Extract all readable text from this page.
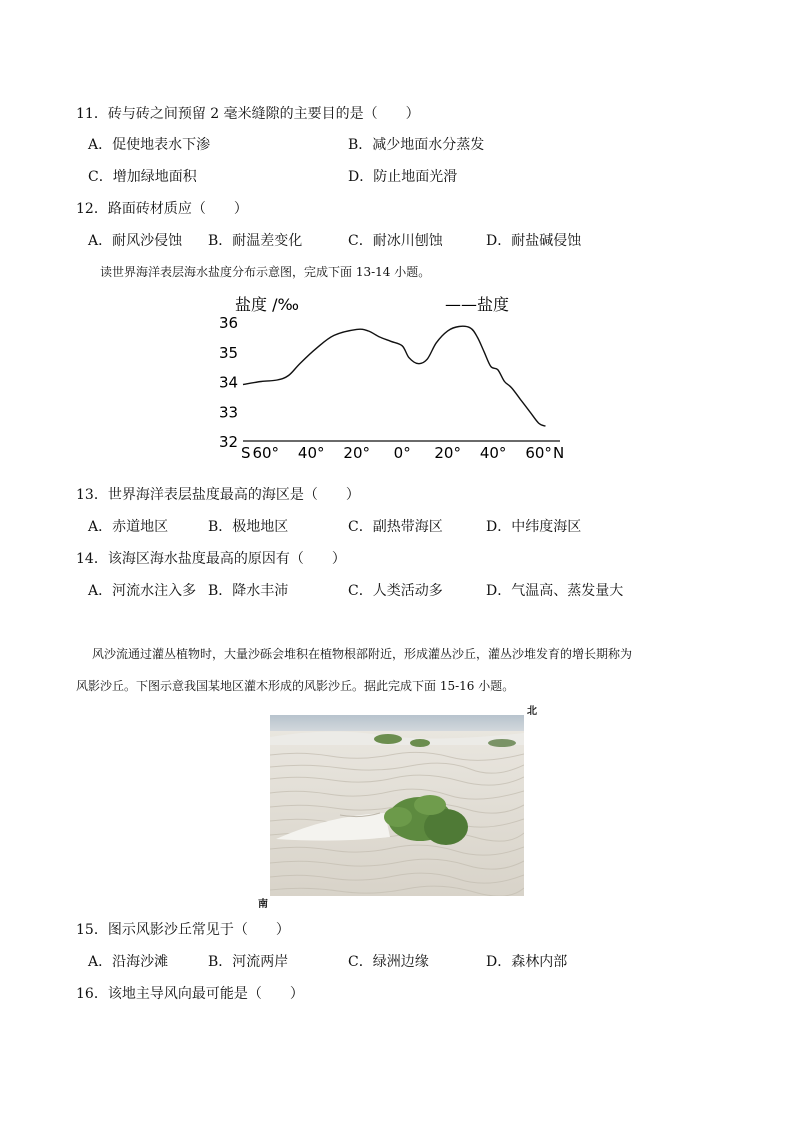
11．砖与砖之间预留 2 毫米缝隙的主要目的是（　　）
A．促使地表水下渗	B．减少地面水分蒸发
C．增加绿地面积	D．防止地面光滑
12．路面砖材质应（　　）
A．耐风沙侵蚀 B．耐温差变化	C．耐冰川刨蚀	D．耐盐碱侵蚀
读世界海洋表层海水盐度分布示意图，完成下面 13-14 小题。
盐度 /‰	——盐度
36
35
34
33
32
S 60° 40° 20° 0° 20° 40° 60° N
13．世界海洋表层盐度最高的海区是（　　）
A．赤道地区	B．极地地区	C．副热带海区	D．中纬度海区
14．该海区海水盐度最高的原因有（　　）
A．河流水注入多 B．降水丰沛	C．人类活动多	D．气温高、蒸发量大
风沙流通过灌丛植物时，大量沙砾会堆积在植物根部附近，形成灌丛沙丘，灌丛沙堆发育的增长期称为
风影沙丘。下图示意我国某地区灌木形成的风影沙丘。据此完成下面 15-16 小题。
北
南
15．图示风影沙丘常见于（　　）
A．沿海沙滩	B．河流两岸	C．绿洲边缘	D．森林内部
16．该地主导风向最可能是（　　）
